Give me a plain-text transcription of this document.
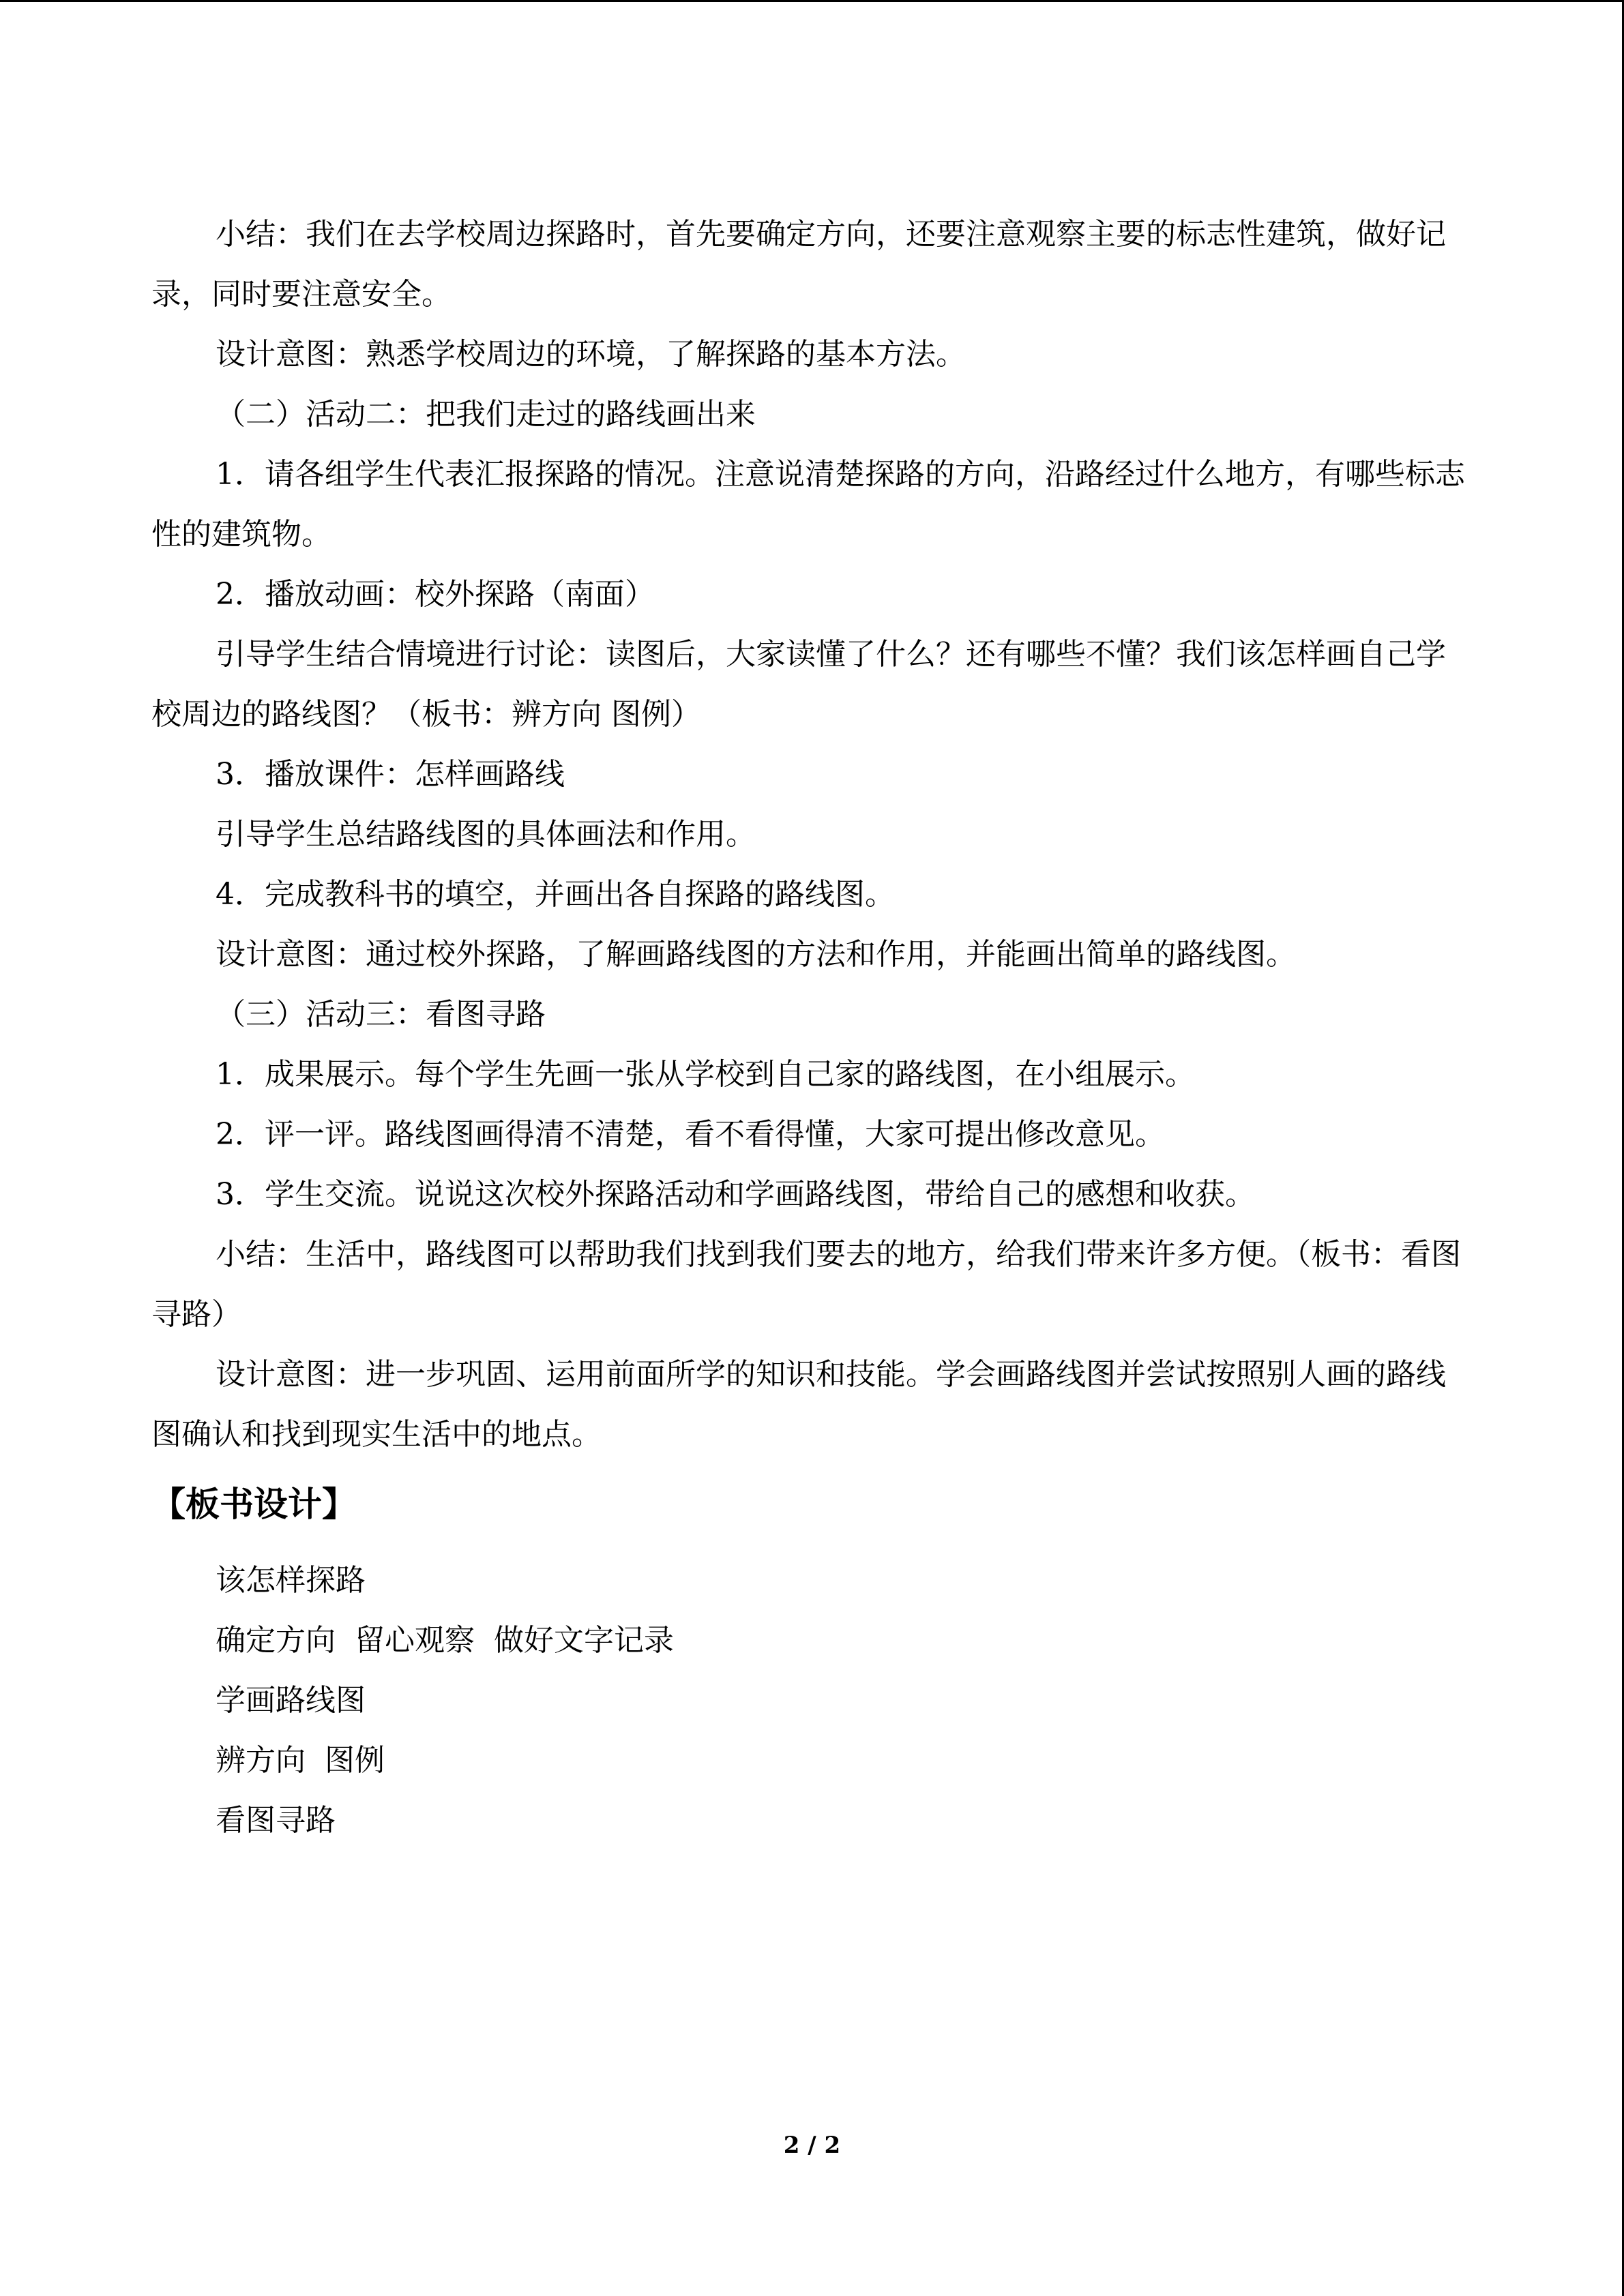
小结：我们在去学校周边探路时，首先要确定方向，还要注意观察主要的标志性建筑，做好记录，同时要注意安全。

设计意图：熟悉学校周边的环境，了解探路的基本方法。

（二）活动二：把我们走过的路线画出来

1．请各组学生代表汇报探路的情况。注意说清楚探路的方向，沿路经过什么地方，有哪些标志性的建筑物。

2．播放动画：校外探路（南面）

引导学生结合情境进行讨论：读图后，大家读懂了什么？还有哪些不懂？我们该怎样画自己学校周边的路线图？（板书：辨方向 图例）

3．播放课件：怎样画路线

引导学生总结路线图的具体画法和作用。

4．完成教科书的填空，并画出各自探路的路线图。

设计意图：通过校外探路，了解画路线图的方法和作用，并能画出简单的路线图。

（三）活动三：看图寻路

1．成果展示。每个学生先画一张从学校到自己家的路线图，在小组展示。

2．评一评。路线图画得清不清楚，看不看得懂，大家可提出修改意见。

3．学生交流。说说这次校外探路活动和学画路线图，带给自己的感想和收获。

小结：生活中，路线图可以帮助我们找到我们要去的地方，给我们带来许多方便。（板书：看图寻路）

设计意图：进一步巩固、运用前面所学的知识和技能。学会画路线图并尝试按照别人画的路线图确认和找到现实生活中的地点。

【板书设计】

该怎样探路

确定方向  留心观察  做好文字记录

学画路线图

辨方向  图例

看图寻路

2 / 2
